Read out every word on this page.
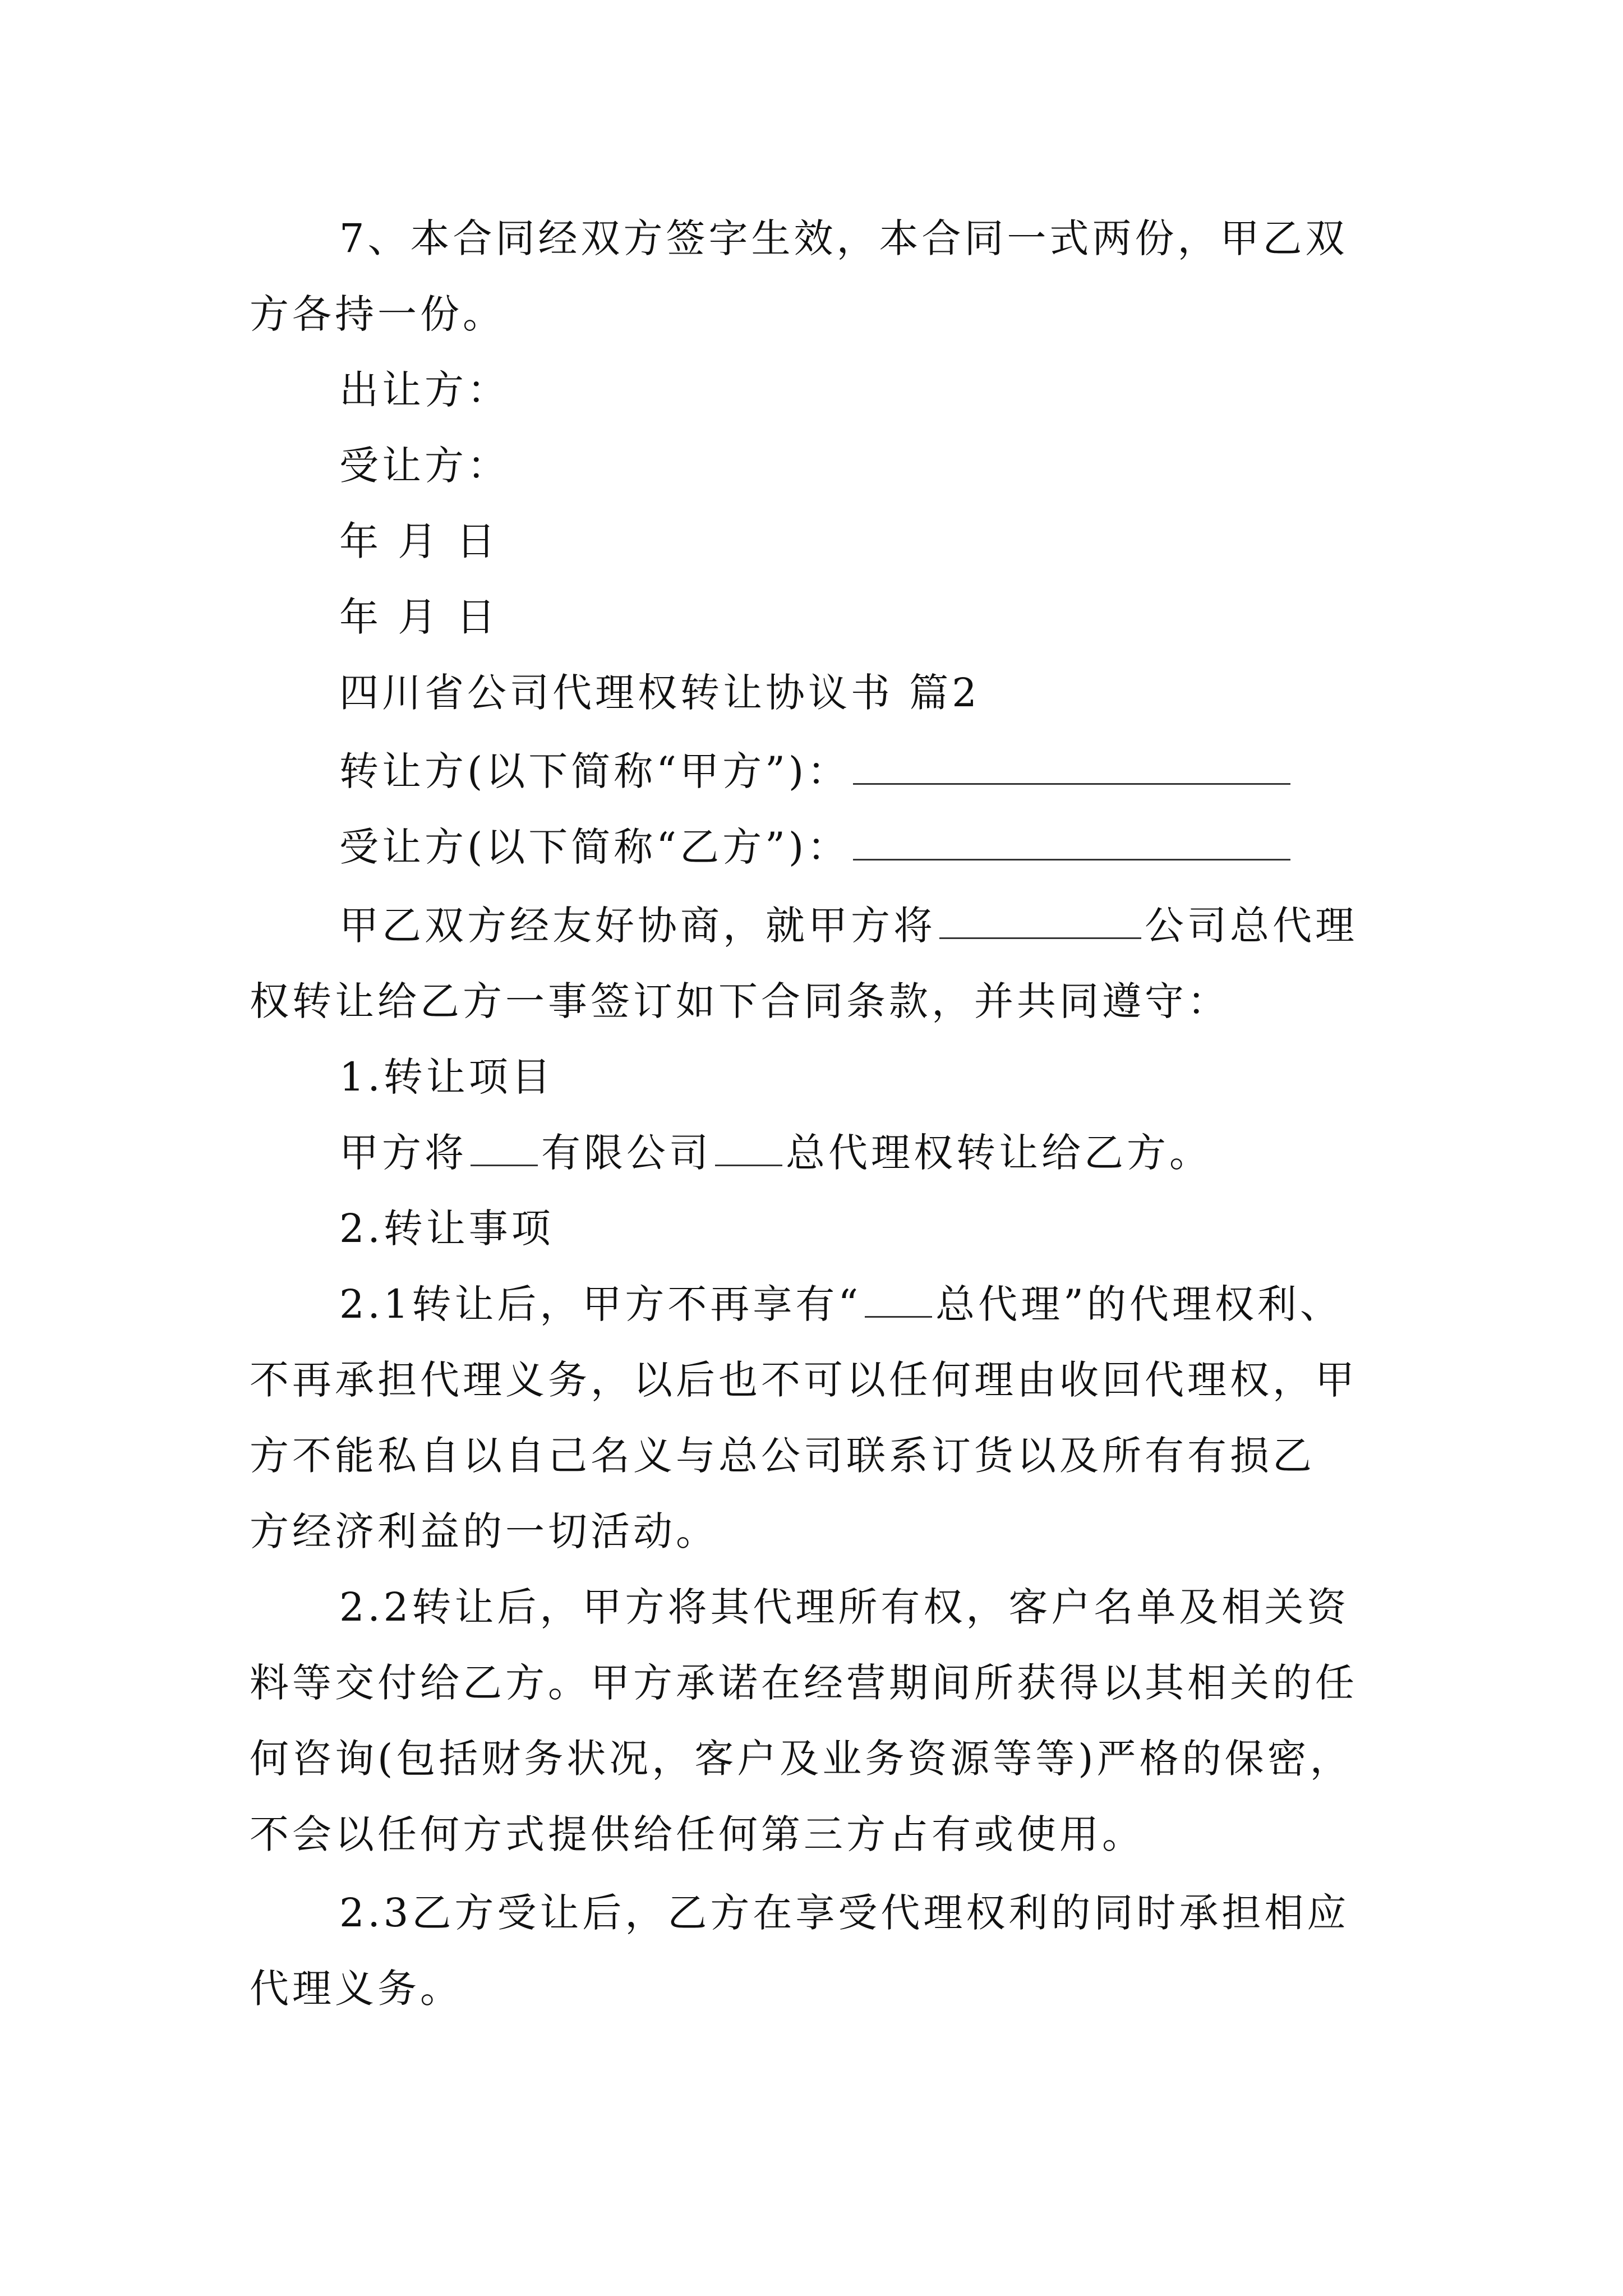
7、本合同经双方签字生效，本合同一式两份，甲乙双

方各持一份。

出让方：

受让方：

年 月 日

年 月 日

四川省公司代理权转让协议书 篇2

转让方(以下简称“甲方”)：

受让方(以下简称“乙方”)：

甲乙双方经友好协商，就甲方将	公司总代理

权转让给乙方一事签订如下合同条款，并共同遵守：

1.转让项目

甲方将 有限公司 总代理权转让给乙方。

2.转让事项

2.1转让后，甲方不再享有“ 总代理”的代理权利、

不再承担代理义务，以后也不可以任何理由收回代理权，甲

方不能私自以自己名义与总公司联系订货以及所有有损乙

方经济利益的一切活动。

2.2转让后，甲方将其代理所有权，客户名单及相关资

料等交付给乙方。甲方承诺在经营期间所获得以其相关的任

何咨询(包括财务状况，客户及业务资源等等)严格的保密，

不会以任何方式提供给任何第三方占有或使用。

2.3乙方受让后，乙方在享受代理权利的同时承担相应

代理义务。
